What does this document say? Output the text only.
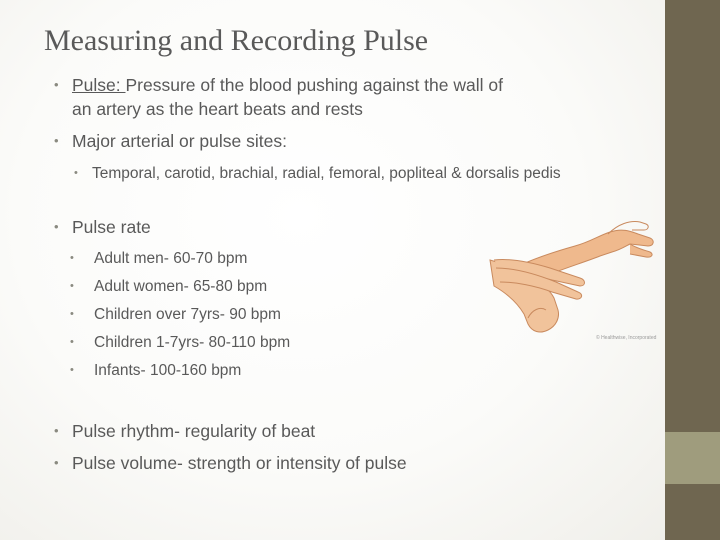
Measuring and Recording Pulse
• Pulse: Pressure of the blood pushing against the wall of an artery as the heart beats and rests
• Major arterial or pulse sites:
• Temporal, carotid, brachial, radial, femoral, popliteal & dorsalis pedis
• Pulse rate
• Adult men- 60-70 bpm
• Adult women- 65-80 bpm
• Children over 7yrs- 90 bpm
• Children 1-7yrs- 80-110 bpm
• Infants- 100-160 bpm
• Pulse rhythm- regularity of beat
• Pulse volume- strength or intensity of pulse
© Healthwise, Incorporated
